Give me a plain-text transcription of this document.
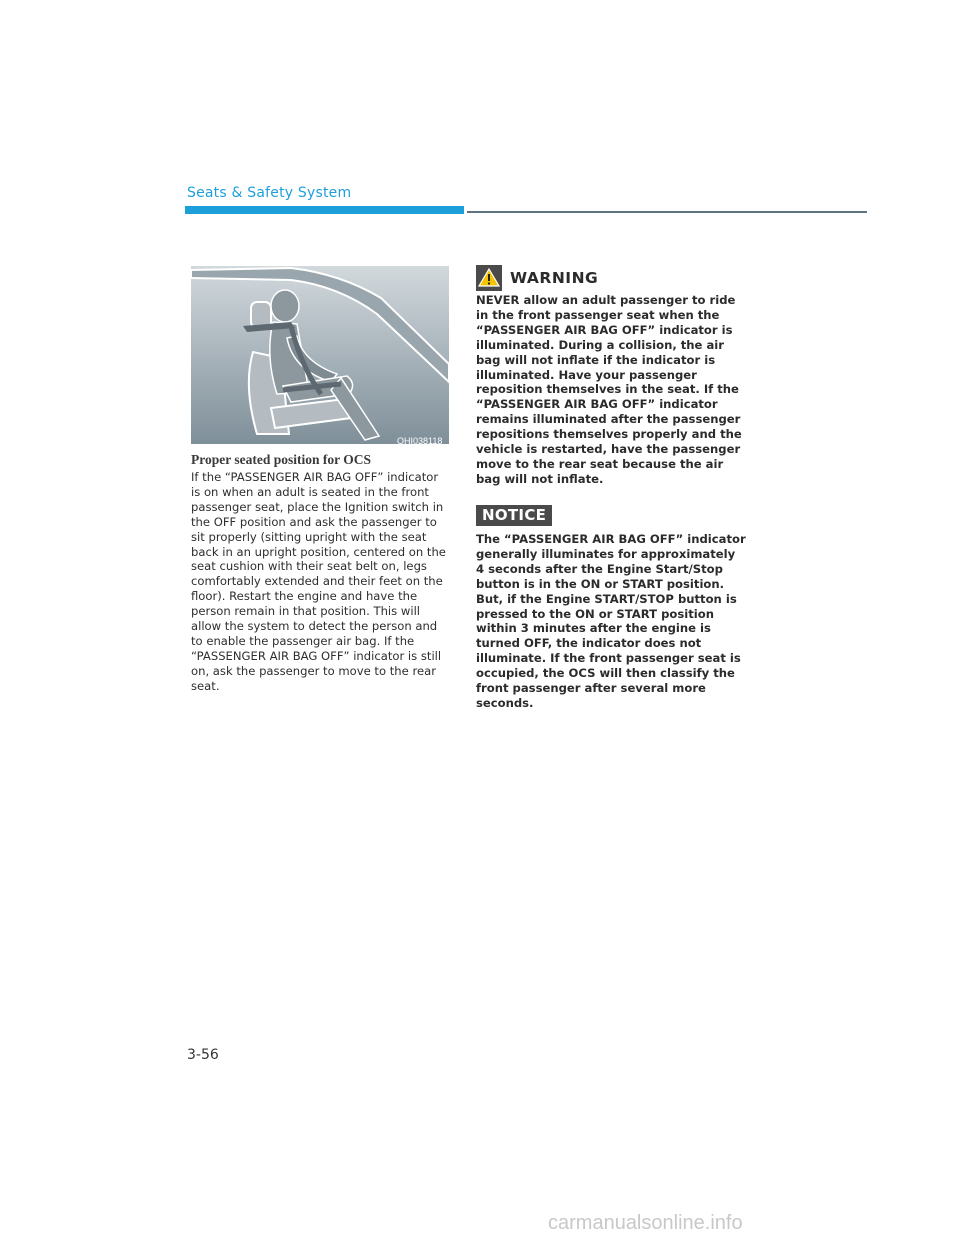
Seats & Safety System
OHI038118
Proper seated position for OCS
If the “PASSENGER AIR BAG OFF” indicator is on when an adult is seated in the front passenger seat, place the Ignition switch in the OFF position and ask the passenger to sit properly (sitting upright with the seat back in an upright position, centered on the seat cushion with their seat belt on, legs comfortably extended and their feet on the floor). Restart the engine and have the person remain in that position. This will allow the system to detect the person and to enable the passenger air bag. If the “PASSENGER AIR BAG OFF” indicator is still on, ask the passenger to move to the rear seat.
WARNING
NEVER allow an adult passenger to ride in the front passenger seat when the “PASSENGER AIR BAG OFF” indicator is illuminated. During a collision, the air bag will not inflate if the indicator is illuminated. Have your passenger reposition themselves in the seat. If the “PASSENGER AIR BAG OFF” indicator remains illuminated after the passenger repositions themselves properly and the vehicle is restarted, have the passenger move to the rear seat because the air bag will not inflate.
NOTICE
The “PASSENGER AIR BAG OFF” indicator generally illuminates for approximately 4 seconds after the Engine Start/Stop button is in the ON or START position. But, if the Engine START/STOP button is pressed to the ON or START position within 3 minutes after the engine is turned OFF, the indicator does not illuminate. If the front passenger seat is occupied, the OCS will then classify the front passenger after several more seconds.
3-56
carmanualsonline.info
